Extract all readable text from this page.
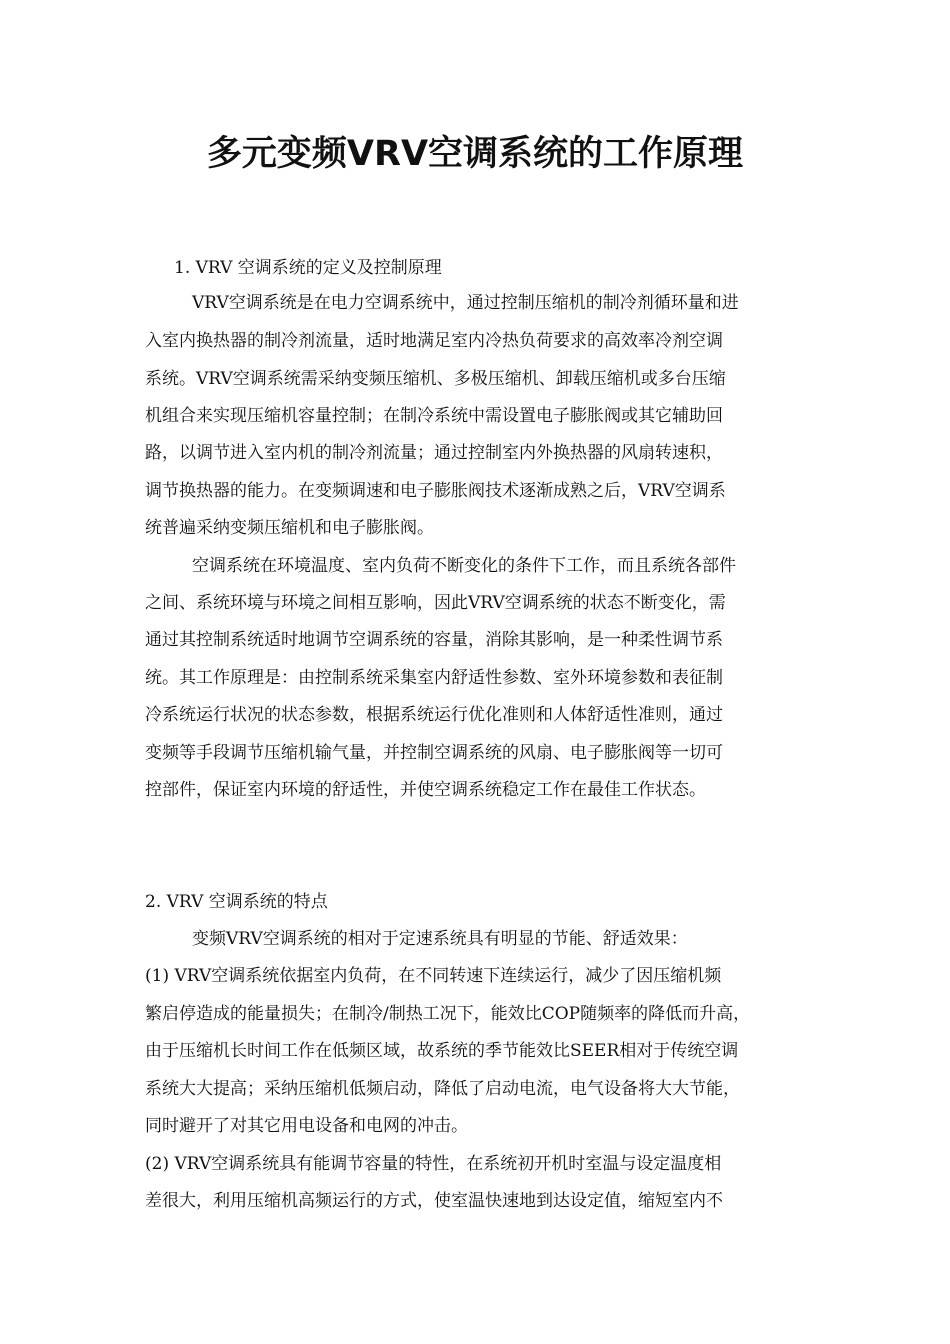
多元变频VRV空调系统的工作原理
1. VRV 空调系统的定义及控制原理
VRV空调系统是在电力空调系统中，通过控制压缩机的制冷剂循环量和进
入室内换热器的制冷剂流量，适时地满足室内冷热负荷要求的高效率冷剂空调
系统。VRV空调系统需采纳变频压缩机、多极压缩机、卸载压缩机或多台压缩
机组合来实现压缩机容量控制；在制冷系统中需设置电子膨胀阀或其它辅助回
路，以调节进入室内机的制冷剂流量；通过控制室内外换热器的风扇转速积，
调节换热器的能力。在变频调速和电子膨胀阀技术逐渐成熟之后，VRV空调系
统普遍采纳变频压缩机和电子膨胀阀。
空调系统在环境温度、室内负荷不断变化的条件下工作，而且系统各部件
之间、系统环境与环境之间相互影响，因此VRV空调系统的状态不断变化，需
通过其控制系统适时地调节空调系统的容量，消除其影响，是一种柔性调节系
统。其工作原理是：由控制系统采集室内舒适性参数、室外环境参数和表征制
冷系统运行状况的状态参数，根据系统运行优化准则和人体舒适性准则，通过
变频等手段调节压缩机输气量，并控制空调系统的风扇、电子膨胀阀等一切可
控部件，保证室内环境的舒适性，并使空调系统稳定工作在最佳工作状态。
2. VRV 空调系统的特点
变频VRV空调系统的相对于定速系统具有明显的节能、舒适效果：
(1) VRV空调系统依据室内负荷，在不同转速下连续运行，减少了因压缩机频
繁启停造成的能量损失；在制冷/制热工况下，能效比COP随频率的降低而升高，
由于压缩机长时间工作在低频区域，故系统的季节能效比SEER相对于传统空调
系统大大提高；采纳压缩机低频启动，降低了启动电流，电气设备将大大节能，
同时避开了对其它用电设备和电网的冲击。
(2) VRV空调系统具有能调节容量的特性，在系统初开机时室温与设定温度相
差很大，利用压缩机高频运行的方式，使室温快速地到达设定值，缩短室内不
